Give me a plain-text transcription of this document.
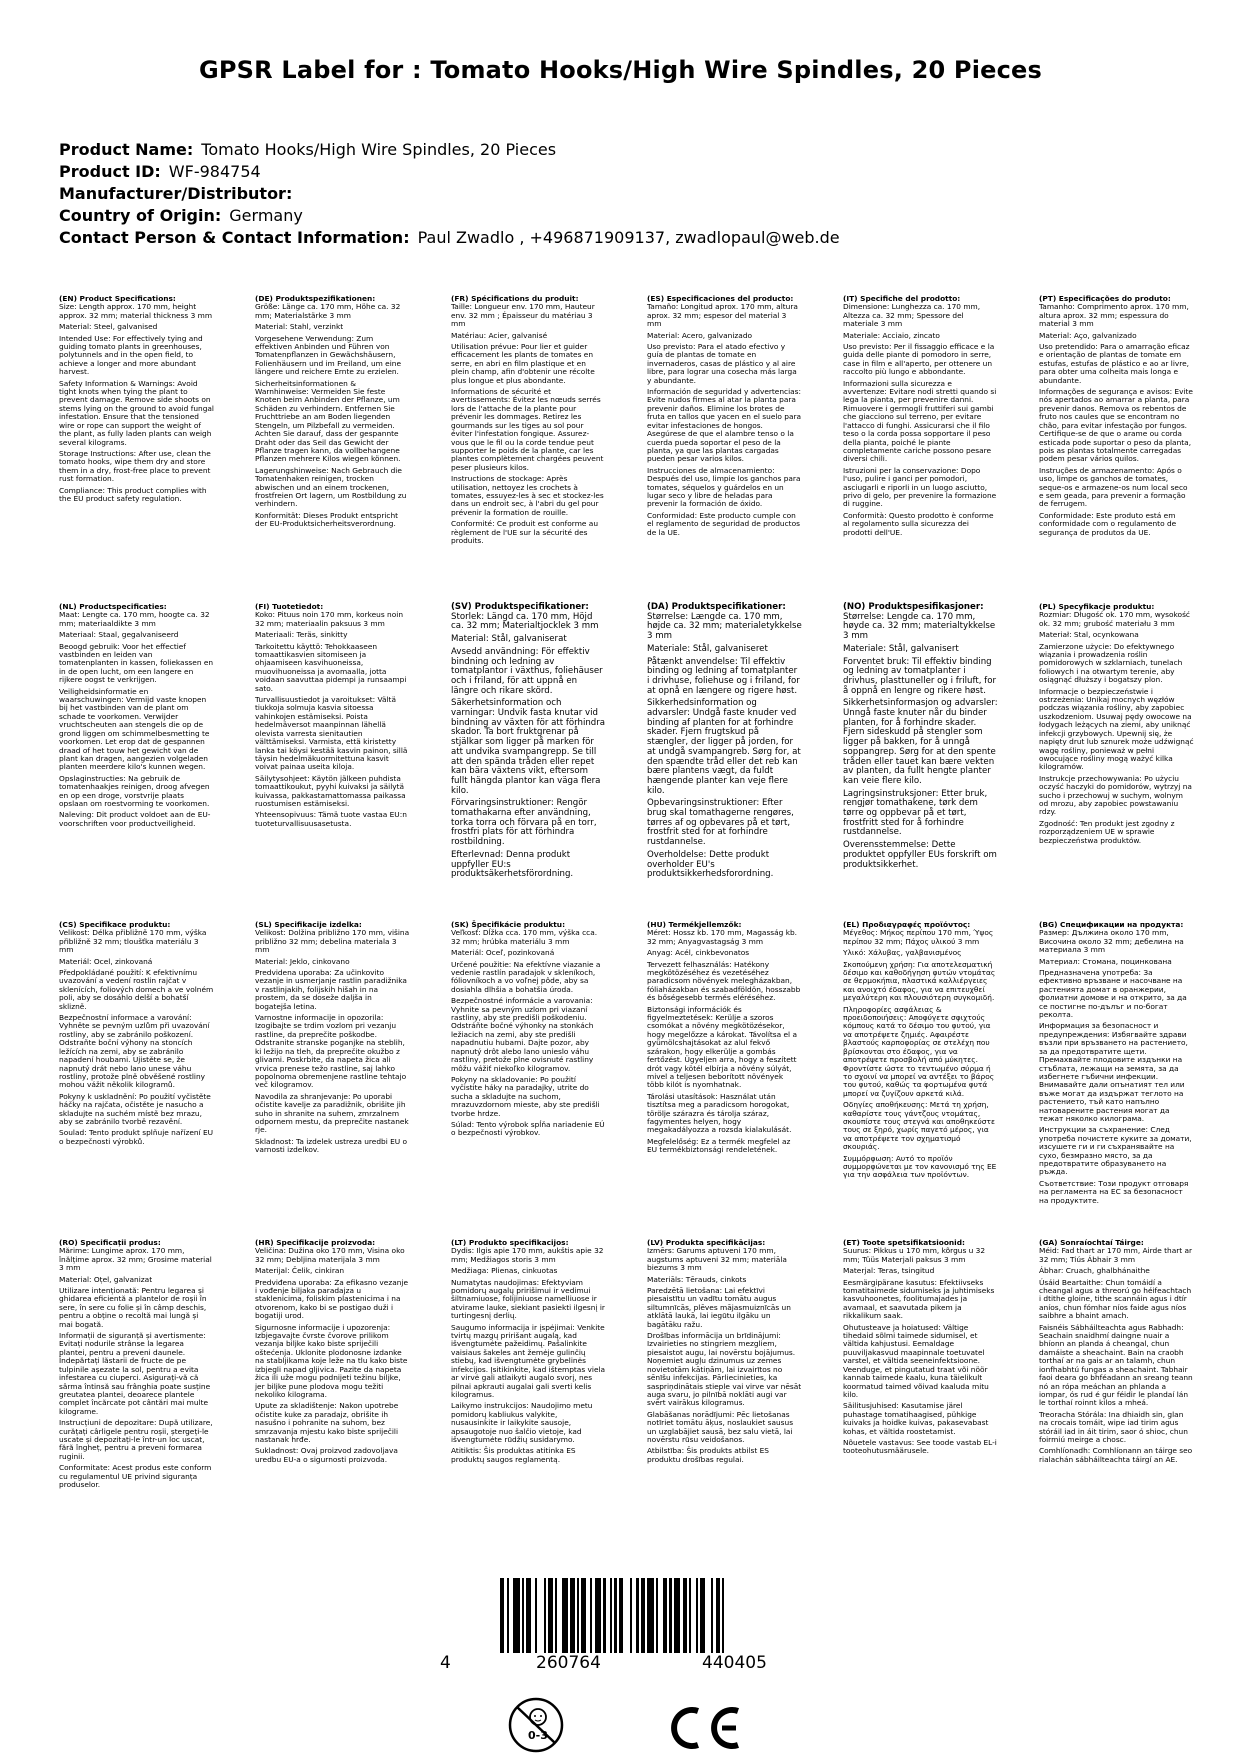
GPSR Label for : Tomato Hooks/High Wire Spindles, 20 Pieces
Product Name: Tomato Hooks/High Wire Spindles, 20 Pieces
Product ID: WF-984754
Manufacturer/Distributor:
Country of Origin: Germany
Contact Person & Contact Information: Paul Zwadlo , +496871909137, zwadlopaul@web.de
(EN) Product Specifications:

Size: Length approx. 170 mm, height approx. 32 mm; material thickness 3 mm

Material: Steel, galvanised

Intended Use: For effectively tying and guiding tomato plants in greenhouses, polytunnels and in the open field, to achieve a longer and more abundant harvest.

Safety Information & Warnings: Avoid tight knots when tying the plant to prevent damage. Remove side shoots on stems lying on the ground to avoid fungal infestation. Ensure that the tensioned wire or rope can support the weight of the plant, as fully laden plants can weigh several kilograms.

Storage Instructions: After use, clean the tomato hooks, wipe them dry and store them in a dry, frost-free place to prevent rust formation.

Compliance: This product complies with the EU product safety regulation.

(DE) Produktspezifikationen:

Größe: Länge ca. 170 mm, Höhe ca. 32 mm; Materialstärke 3 mm

Material: Stahl, verzinkt

Vorgesehene Verwendung: Zum effektiven Anbinden und Führen von Tomatenpflanzen in Gewächshäusern, Folienhäusern und im Freiland, um eine längere und reichere Ernte zu erzielen.

Sicherheitsinformationen & Warnhinweise: Vermeiden Sie feste Knoten beim Anbinden der Pflanze, um Schäden zu verhindern. Entfernen Sie Fruchttriebe an am Boden liegenden Stengeln, um Pilzbefall zu vermeiden. Achten Sie darauf, dass der gespannte Draht oder das Seil das Gewicht der Pflanze tragen kann, da vollbehangene Pflanzen mehrere Kilos wiegen können.

Lagerungshinweise: Nach Gebrauch die Tomatenhaken reinigen, trocken abwischen und an einem trockenen, frostfreien Ort lagern, um Rostbildung zu verhindern.

Konformität: Dieses Produkt entspricht der EU-Produktsicherheitsverordnung.

(FR) Spécifications du produit:

Taille: Longueur env. 170 mm, Hauteur env. 32 mm ; Épaisseur du matériau 3 mm

Matériau: Acier, galvanisé

Utilisation prévue: Pour lier et guider efficacement les plants de tomates en serre, en abri en film plastique et en plein champ, afin d'obtenir une récolte plus longue et plus abondante.

Informations de sécurité et avertissements: Évitez les nœuds serrés lors de l'attache de la plante pour prévenir les dommages. Retirez les gourmands sur les tiges au sol pour éviter l'infestation fongique. Assurez-vous que le fil ou la corde tendue peut supporter le poids de la plante, car les plantes complètement chargées peuvent peser plusieurs kilos.

Instructions de stockage: Après utilisation, nettoyez les crochets à tomates, essuyez-les à sec et stockez-les dans un endroit sec, à l'abri du gel pour prévenir la formation de rouille.

Conformité: Ce produit est conforme au règlement de l'UE sur la sécurité des produits.

(ES) Especificaciones del producto:

Tamaño: Longitud aprox. 170 mm, altura aprox. 32 mm; espesor del material 3 mm

Material: Acero, galvanizado

Uso previsto: Para el atado efectivo y guía de plantas de tomate en invernaderos, casas de plástico y al aire libre, para lograr una cosecha más larga y abundante.

Información de seguridad y advertencias: Evite nudos firmes al atar la planta para prevenir daños. Elimine los brotes de fruta en tallos que yacen en el suelo para evitar infestaciones de hongos. Asegúrese de que el alambre tenso o la cuerda pueda soportar el peso de la planta, ya que las plantas cargadas pueden pesar varios kilos.

Instrucciones de almacenamiento: Después del uso, limpie los ganchos para tomates, séquelos y guárdelos en un lugar seco y libre de heladas para prevenir la formación de óxido.

Conformidad: Este producto cumple con el reglamento de seguridad de productos de la UE.

(IT) Specifiche del prodotto:

Dimensione: Lunghezza ca. 170 mm, Altezza ca. 32 mm; Spessore del materiale 3 mm

Materiale: Acciaio, zincato

Uso previsto: Per il fissaggio efficace e la guida delle piante di pomodoro in serre, case in film e all'aperto, per ottenere un raccolto più lungo e abbondante.

Informazioni sulla sicurezza e avvertenze: Evitare nodi stretti quando si lega la pianta, per prevenire danni. Rimuovere i germogli fruttiferi sui gambi che giacciono sul terreno, per evitare l'attacco di funghi. Assicurarsi che il filo teso o la corda possa sopportare il peso della pianta, poiché le piante completamente cariche possono pesare diversi chili.

Istruzioni per la conservazione: Dopo l'uso, pulire i ganci per pomodori, asciugarli e riporli in un luogo asciutto, privo di gelo, per prevenire la formazione di ruggine.

Conformità: Questo prodotto è conforme al regolamento sulla sicurezza dei prodotti dell'UE.

(PT) Especificações do produto:

Tamanho: Comprimento aprox. 170 mm, altura aprox. 32 mm; espessura do material 3 mm

Material: Aço, galvanizado

Uso pretendido: Para o amarração eficaz e orientação de plantas de tomate em estufas, estufas de plástico e ao ar livre, para obter uma colheita mais longa e abundante.

Informações de segurança e avisos: Evite nós apertados ao amarrar a planta, para prevenir danos. Remova os rebentos de fruto nos caules que se encontram no chão, para evitar infestação por fungos. Certifique-se de que o arame ou corda esticada pode suportar o peso da planta, pois as plantas totalmente carregadas podem pesar vários quilos.

Instruções de armazenamento: Após o uso, limpe os ganchos de tomates, seque-os e armazene-os num local seco e sem geada, para prevenir a formação de ferrugem.

Conformidade: Este produto está em conformidade com o regulamento de segurança de produtos da UE.

(NL) Productspecificaties:

Maat: Lengte ca. 170 mm, hoogte ca. 32 mm; materiaaldikte 3 mm

Materiaal: Staal, gegalvaniseerd

Beoogd gebruik: Voor het effectief vastbinden en leiden van tomatenplanten in kassen, foliekassen en in de open lucht, om een langere en rijkere oogst te verkrijgen.

Veiligheidsinformatie en waarschuwingen: Vermijd vaste knopen bij het vastbinden van de plant om schade te voorkomen. Verwijder vruchtscheuten aan stengels die op de grond liggen om schimmelbesmetting te voorkomen. Let erop dat de gespannen draad of het touw het gewicht van de plant kan dragen, aangezien volgeladen planten meerdere kilo's kunnen wegen.

Opslaginstructies: Na gebruik de tomatenhaakjes reinigen, droog afvegen en op een droge, vorstvrije plaats opslaan om roestvorming te voorkomen.

Naleving: Dit product voldoet aan de EU-voorschriften voor productveiligheid.

(FI) Tuotetiedot:

Koko: Pituus noin 170 mm, korkeus noin 32 mm; materiaalin paksuus 3 mm

Materiaali: Teräs, sinkitty

Tarkoitettu käyttö: Tehokkaaseen tomaattikasvien sitomiseen ja ohjaamiseen kasvihuoneissa, muovihuoneissa ja avomaalla, jotta voidaan saavuttaa pidempi ja runsaampi sato.

Turvallisuustiedot ja varoitukset: Vältä tiukkoja solmuja kasvia sitoessa vahinkojen estämiseksi. Poista hedelmäversot maanpinnan lähellä olevista varresta sienitautien välttämiseksi. Varmista, että kiristetty lanka tai köysi kestää kasvin painon, sillä täysin hedelmäkuormitettuna kasvit voivat painaa useita kiloja.

Säilytysohjeet: Käytön jälkeen puhdista tomaattikoukut, pyyhi kuivaksi ja säilytä kuivassa, pakkastamattomassa paikassa ruostumisen estämiseksi.

Yhteensopivuus: Tämä tuote vastaa EU:n tuoteturvallisuusasetusta.

(SV) Produktspecifikationer:

Storlek: Längd ca. 170 mm, Höjd ca. 32 mm; Materialtjocklek 3 mm

Material: Stål, galvaniserat

Avsedd användning: För effektiv bindning och ledning av tomatplantor i växthus, foliehäuser och i friland, för att uppnå en längre och rikare skörd.

Säkerhetsinformation och varningar: Undvik fasta knutar vid bindning av växten för att förhindra skador. Ta bort fruktgrenar på stjälkar som ligger på marken för att undvika svampangrepp. Se till att den spända tråden eller repet kan bära växtens vikt, eftersom fullt hängda plantor kan väga flera kilo.

Förvaringsinstruktioner: Rengör tomathakarna efter användning, torka torra och förvara på en torr, frostfri plats för att förhindra rostbildning.

Efterlevnad: Denna produkt uppfyller EU:s produktsäkerhetsförordning.

(DA) Produktspecifikationer:

Størrelse: Længde ca. 170 mm, højde ca. 32 mm; materialetykkelse 3 mm

Materiale: Stål, galvaniseret

Påtænkt anvendelse: Til effektiv binding og ledning af tomatplanter i drivhuse, foliehuse og i friland, for at opnå en længere og rigere høst.

Sikkerhedsinformation og advarsler: Undgå faste knuder ved binding af planten for at forhindre skader. Fjern frugtskud på stængler, der ligger på jorden, for at undgå svampangreb. Sørg for, at den spændte tråd eller det reb kan bære plantens vægt, da fuldt hængende planter kan veje flere kilo.

Opbevaringsinstruktioner: Efter brug skal tomathagerne rengøres, tørres af og opbevares på et tørt, frostfrit sted for at forhindre rustdannelse.

Overholdelse: Dette produkt overholder EU's produktsikkerhedsforordning.

(NO) Produktspesifikasjoner:

Størrelse: Lengde ca. 170 mm, høyde ca. 32 mm; materialtykkelse 3 mm

Materiale: Stål, galvanisert

Forventet bruk: Til effektiv binding og ledning av tomatplanter i drivhus, plasttuneller og i friluft, for å oppnå en lengre og rikere høst.

Sikkerhetsinformasjon og advarsler: Unngå faste knuter når du binder planten, for å forhindre skader. Fjern sideskudd på stengler som ligger på bakken, for å unngå soppangrep. Sørg for at den spente tråden eller tauet kan bære vekten av planten, da fullt hengte planter kan veie flere kilo.

Lagringsinstruksjoner: Etter bruk, rengjør tomathakene, tørk dem tørre og oppbevar på et tørt, frostfritt sted for å forhindre rustdannelse.

Overensstemmelse: Dette produktet oppfyller EUs forskrift om produktsikkerhet.

(PL) Specyfikacje produktu:

Rozmiar: Długość ok. 170 mm, wysokość ok. 32 mm; grubość materiału 3 mm

Materiał: Stal, ocynkowana

Zamierzone użycie: Do efektywnego wiązania i prowadzenia roślin pomidorowych w szklarniach, tunelach foliowych i na otwartym terenie, aby osiągnąć dłuższy i bogatszy plon.

Informacje o bezpieczeństwie i ostrzeżenia: Unikaj mocnych węzłów podczas wiązania rośliny, aby zapobiec uszkodzeniom. Usuwaj pędy owocowe na łodygach leżących na ziemi, aby uniknąć infekcji grzybowych. Upewnij się, że napięty drut lub sznurek może udźwignąć wagę rośliny, ponieważ w pełni owocujące rośliny mogą ważyć kilka kilogramów.

Instrukcje przechowywania: Po użyciu oczyść haczyki do pomidorów, wytrzyj na sucho i przechowuj w suchym, wolnym od mrozu, aby zapobiec powstawaniu rdzy.

Zgodność: Ten produkt jest zgodny z rozporządzeniem UE w sprawie bezpieczeństwa produktów.

(CS) Specifikace produktu:

Velikost: Délka přibližně 170 mm, výška přibližně 32 mm; tloušťka materiálu 3 mm

Materiál: Ocel, zinkovaná

Předpokládané použití: K efektivnímu uvazování a vedení rostlin rajčat v sklenících, foliových domech a ve volném poli, aby se dosáhlo delší a bohatší sklizně.

Bezpečnostní informace a varování: Vyhněte se pevným uzlům při uvazování rostliny, aby se zabránilo poškození. Odstraňte boční výhony na stoncích ležících na zemi, aby se zabránilo napadení houbami. Ujistěte se, že napnutý drát nebo lano unese váhu rostliny, protože plně obvěšené rostliny mohou vážit několik kilogramů.

Pokyny k uskladnění: Po použití vyčistěte háčky na rajčata, očistěte je nasucho a skladujte na suchém místě bez mrazu, aby se zabránilo tvorbě rezavění.

Soulad: Tento produkt splňuje nařízení EU o bezpečnosti výrobků.

(SL) Specifikacije izdelka:

Velikost: Dolžina približno 170 mm, višina približno 32 mm; debelina materiala 3 mm

Material: Jeklo, cinkovano

Predvidena uporaba: Za učinkovito vezanje in usmerjanje rastlin paradižnika v rastlinjakih, folijskih hišah in na prostem, da se doseže daljša in bogatejša letina.

Varnostne informacije in opozorila: Izogibajte se trdim vozlom pri vezanju rastline, da preprečite poškodbe. Odstranite stranske poganjke na steblih, ki ležijo na tleh, da preprečite okužbo z glivami. Poskrbite, da napeta žica ali vrvica prenese težo rastline, saj lahko popolnoma obremenjene rastline tehtajo več kilogramov.

Navodila za shranjevanje: Po uporabi očistite kavelje za paradižnik, obrišite jih suho in shranite na suhem, zmrzalnem odpornem mestu, da preprečite nastanek rje.

Skladnost: Ta izdelek ustreza uredbi EU o varnosti izdelkov.

(SK) Špecifikácie produktu:

Veľkosť: Dĺžka cca. 170 mm, výška cca. 32 mm; hrúbka materiálu 3 mm

Materiál: Oceľ, pozinkovaná

Určené použitie: Na efektívne viazanie a vedenie rastlín paradajok v skleníkoch, fóliovníkoch a vo voľnej pôde, aby sa dosiahla dlhšia a bohatšia úroda.

Bezpečnostné informácie a varovania: Vyhnite sa pevným uzlom pri viazaní rastliny, aby ste predišli poškodeniu. Odstráňte bočné výhonky na stonkách ležiacich na zemi, aby ste predišli napadnutiu hubami. Dajte pozor, aby napnutý drôt alebo lano unieslo váhu rastliny, pretože plne ovisnuté rastliny môžu vážiť niekoľko kilogramov.

Pokyny na skladovanie: Po použití vyčistite háky na paradajky, utrite do sucha a skladujte na suchom, mrazuvzdornom mieste, aby ste predišli tvorbe hrdze.

Súlad: Tento výrobok spĺňa nariadenie EÚ o bezpečnosti výrobkov.

(HU) Termékjellemzők:

Méret: Hossz kb. 170 mm, Magasság kb. 32 mm; Anyagvastagság 3 mm

Anyag: Acél, cinkbevonatos

Tervezett felhasználás: Hatékony megkötözéséhez és vezetéséhez paradicsom növények melegházakban, fóliaházakban és szabadföldön, hosszabb és bőségesebb termés eléréséhez.

Biztonsági információk és figyelmeztetések: Kerülje a szoros csomókat a növény megkötözésekor, hogy megelőzze a károkat. Távolítsa el a gyümölcshajtásokat az alul fekvő szárakon, hogy elkerülje a gombás fertőzést. Ügyeljen arra, hogy a feszített drót vagy kötél elbírja a növény súlyát, mivel a teljesen beborított növények több kilót is nyomhatnak.

Tárolási utasítások: Használat után tisztítsa meg a paradicsom horogokat, törölje szárazra és tárolja száraz, fagymentes helyen, hogy megakadályozza a rozsda kialakulását.

Megfelelőség: Ez a termék megfelel az EU termékbiztonsági rendeletének.

(EL) Προδιαγραφές προϊόντος:

Μέγεθος: Μήκος περίπου 170 mm, Ύψος περίπου 32 mm; Πάχος υλικού 3 mm

Υλικό: Χάλυβας, γαλβανισμένος

Σκοπούμενη χρήση: Για αποτελεσματική δέσιμο και καθοδήγηση φυτών ντομάτας σε θερμοκήπια, πλαστικά καλλιέργειες και ανοιχτό έδαφος, για να επιτευχθεί μεγαλύτερη και πλουσιότερη συγκομιδή.

Πληροφορίες ασφάλειας & προειδοποιήσεις: Αποφύγετε σφιχτούς κόμπους κατά το δέσιμο του φυτού, για να αποτρέψετε ζημιές. Αφαιρέστε βλαστούς καρποφορίας σε στελέχη που βρίσκονται στο έδαφος, για να αποτρέψετε προσβολή από μύκητες. Φροντίστε ώστε το τεντωμένο σύρμα ή το σχοινί να μπορεί να αντέξει το βάρος του φυτού, καθώς τα φορτωμένα φυτά μπορεί να ζυγίζουν αρκετά κιλά.

Οδηγίες αποθήκευσης: Μετά τη χρήση, καθαρίστε τους γάντζους ντομάτας, σκουπίστε τους στεγνά και αποθηκεύστε τους σε ξηρό, χωρίς παγετό μέρος, για να αποτρέψετε τον σχηματισμό σκουριάς.

Συμμόρφωση: Αυτό το προϊόν συμμορφώνεται με τον κανονισμό της ΕΕ για την ασφάλεια των προϊόντων.

(BG) Спецификации на продукта:

Размер: Дължина около 170 mm, Височина около 32 mm; дебелина на материала 3 mm

Материал: Стомана, поцинкована

Предназначена употреба: За ефективно връзване и насочване на растенията домат в оранжерии, фолиатни домове и на открито, за да се постигне по-дълъг и по-богат реколта.

Информация за безопасност и предупреждения: Избягвайте здрави възли при връзването на растението, за да предотвратите щети. Премахвайте плодовите издънки на стъблата, лежащи на земята, за да избегнете гъбични инфекции. Внимавайте дали опънатият тел или въже могат да издържат теглото на растението, тъй като напълно натоварените растения могат да тежат няколко килограма.

Инструкции за съхранение: След употреба почистете куките за домати, изсушете ги и ги съхранявайте на сухо, безмразно място, за да предотвратите образуването на ръжда.

Съответствие: Този продукт отговаря на регламента на ЕС за безопасност на продуктите.

(RO) Specificații produs:

Mărime: Lungime aprox. 170 mm, înălțime aprox. 32 mm; Grosime material 3 mm

Material: Oțel, galvanizat

Utilizare intenționată: Pentru legarea și ghidarea eficientă a plantelor de roșii în sere, în sere cu folie și în câmp deschis, pentru a obține o recoltă mai lungă și mai bogată.

Informații de siguranță și avertismente: Evitați nodurile strânse la legarea plantei, pentru a preveni daunele. Îndepărtați lăstarii de fructe de pe tulpinile așezate la sol, pentru a evita infestarea cu ciuperci. Asigurați-vă că sârma întinsă sau frânghia poate susține greutatea plantei, deoarece plantele complet încărcate pot cântări mai multe kilograme.

Instrucțiuni de depozitare: După utilizare, curățați cârligele pentru roșii, ștergeți-le uscate și depozitați-le într-un loc uscat, fără îngheț, pentru a preveni formarea ruginii.

Conformitate: Acest produs este conform cu regulamentul UE privind siguranța produselor.

(HR) Specifikacije proizvoda:

Veličina: Dužina oko 170 mm, Visina oko 32 mm; Debljina materijala 3 mm

Materijal: Čelik, cinkiran

Predviđena uporaba: Za efikasno vezanje i vođenje biljaka paradajza u staklenicima, foliskim plastenicima i na otvorenom, kako bi se postigao duži i bogatiji urod.

Sigurnosne informacije i upozorenja: Izbjegavajte čvrste čvorove prilikom vezanja biljke kako biste spriječili oštećenja. Uklonite plodonosne izdanke na stabljikama koje leže na tlu kako biste izbjegli napad gljivica. Pazite da napeta žica ili uže mogu podnijeti težinu biljke, jer biljke pune plodova mogu težiti nekoliko kilograma.

Upute za skladištenje: Nakon upotrebe očistite kuke za paradajz, obrišite ih nasušno i pohranite na suhom, bez smrzavanja mjestu kako biste spriječili nastanak hrđe.

Sukladnost: Ovaj proizvod zadovoljava uredbu EU-a o sigurnosti proizvoda.

(LT) Produkto specifikacijos:

Dydis: Ilgis apie 170 mm, aukštis apie 32 mm; Medžiagos storis 3 mm

Medžiaga: Plienas, cinkuotas

Numatytas naudojimas: Efektyviam pomidorų augalų pririšimui ir vedimui šiltnamiuose, folijiniuose namelliuose ir atvirame lauke, siekiant pasiekti ilgesnį ir turtingesnį derlių.

Saugumo informacija ir įspėjimai: Venkite tvirtų mazgų pririšant augalą, kad išvengtumėte pažeidimų. Pašalinkite vaisiaus šakeles ant žemėje gulinčių stiebų, kad išvengtumėte grybelinės infekcijos. Įsitikinkite, kad ištemptas viela ar virvė gali atlaikyti augalo svorį, nes pilnai apkrauti augalai gali sverti kelis kilogramus.

Laikymo instrukcijos: Naudojimo metu pomidorų kabliukus valykite, nusausinkite ir laikykite sausoje, apsaugotoje nuo šalčio vietoje, kad išvengtumėte rūdžių susidarymo.

Atitiktis: Šis produktas atitinka ES produktų saugos reglamentą.

(LV) Produkta specifikācijas:

Izmērs: Garums aptuveni 170 mm, augstums aptuveni 32 mm; materiāla biezums 3 mm

Materiāls: Tērauds, cinkots

Paredzētā lietošana: Lai efektīvi piesaistītu un vadītu tomātu augus siltumnīcās, plēves mājasmuiznīcās un atklātā laukā, lai iegūtu ilgāku un bagātāku ražu.

Drošības informācija un brīdinājumi: Izvairieties no stingriem mezgliem, piesaistot augu, lai novērstu bojājumus. Noņemiet augļu dzinumus uz zemes novietotām kātiņām, lai izvairītos no sēnīšu infekcijas. Pārliecinieties, ka saspriņdinātais stieple vai virve var nēsāt auga svaru, jo pilnībā noklāti augi var svērt vairākus kilogramus.

Glabāšanas norādījumi: Pēc lietošanas notīriet tomātu āķus, noslaukiet sausus un uzglabājiet sausā, bez salu vietā, lai novērstu rūsu veidošanos.

Atbilstība: Šis produkts atbilst ES produktu drošības regulai.

(ET) Toote spetsifikatsioonid:

Suurus: Pikkus u 170 mm, kõrgus u 32 mm; Tüüs Materjali paksus 3 mm

Materjal: Teras, tsingitud

Eesmärgipärane kasutus: Efektiivseks tomatitaimede sidumiseks ja juhtimiseks kasvuhoonetes, foolitumajades ja avamaal, et saavutada pikem ja rikkalikum saak.

Ohutusteave ja hoiatused: Vältige tihedaid sõlmi taimede sidumisel, et vältida kahjustusi. Eemaldage puuviljakasvud maapinnale toetuvatel varstel, et vältida seeneinfektsioone. Veenduge, et pingutatud traat või nöör kannab taimede kaalu, kuna täielikult koormatud taimed võivad kaaluda mitu kilo.

Säilitusjuhised: Kasutamise järel puhastage tomatihaagised, pühkige kuivaks ja hoidke kuivas, pakasevabast kohas, et vältida roostetamist.

Nõuetele vastavus: See toode vastab EL-i tooteohutusmäärusele.

(GA) Sonraíochtaí Táirge:

Méid: Fad thart ar 170 mm, Airde thart ar 32 mm; Tiús Ábhair 3 mm

Ábhar: Cruach, ghalbhánaithe

Úsáid Beartaithe: Chun tomáidí a cheangal agus a threorú go héifeachtach i dtithe gloine, tithe scannáin agus i dtír aníos, chun fómhar níos faide agus níos saibhre a bhaint amach.

Faisnéis Sábháilteachta agus Rabhadh: Seachain snaidhmí daingne nuair a bhíonn an planda á cheangal, chun damáiste a sheachaint. Bain na craobh torthaí ar na gais ar an talamh, chun ionfhabhtú fungas a sheachaint. Tabhair faoi deara go bhféadann an sreang teann nó an rópa meáchan an phlanda a iompar, ós rud é gur féidir le plandaí lán le torthaí roinnt kilos a mheá.

Treoracha Stórála: Ina dhiaidh sin, glan na crocais tomáit, wipe iad tirim agus stóráil iad in áit tirim, saor ó shioc, chun foirmiú meirge a chosc.

Comhlíonadh: Comhlíonann an táirge seo rialachán sábháilteachta táirgí an AE.

4	260764	440405
0-3
